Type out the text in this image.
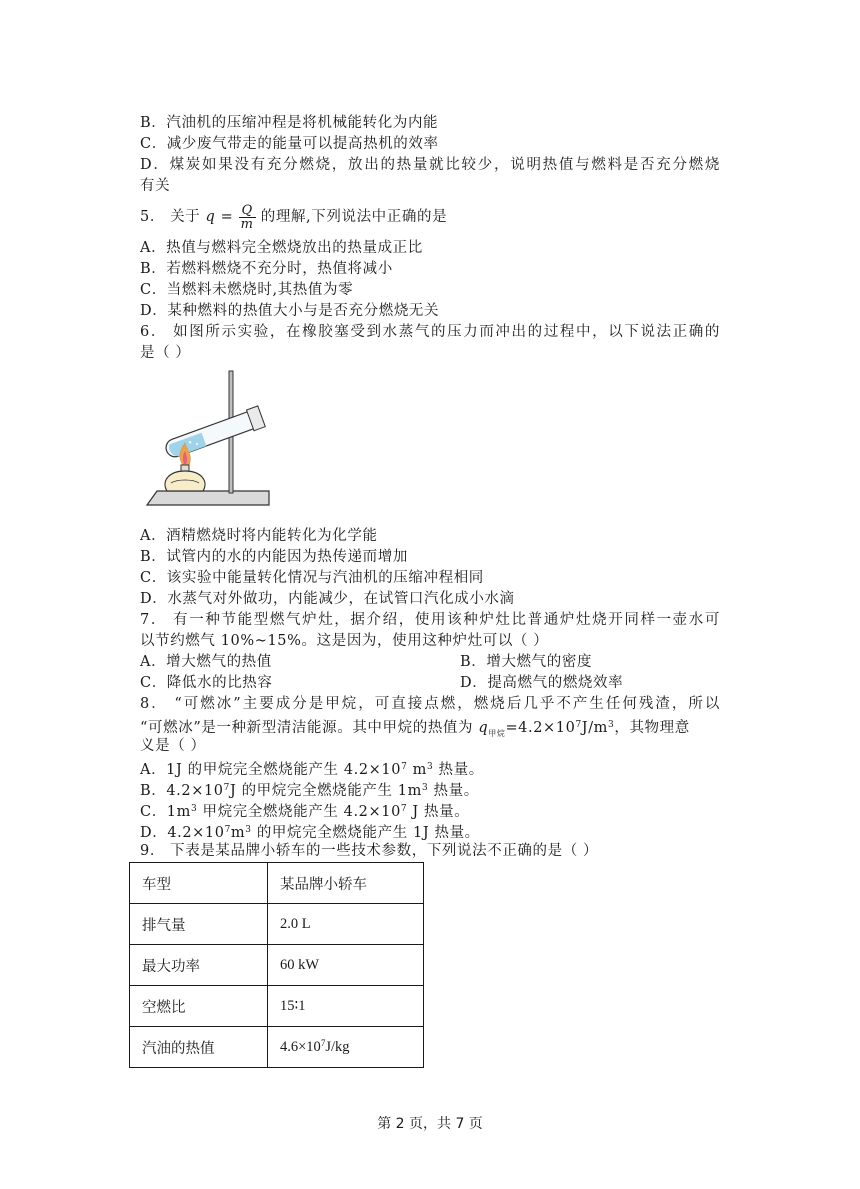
B．汽油机的压缩冲程是将机械能转化为内能
C．减少废气带走的能量可以提高热机的效率
D．煤炭如果没有充分燃烧，放出的热量就比较少，说明热值与燃料是否充分燃烧
有关
5． 关于 $q = \frac{Q}{m}$ 的理解,下列说法中正确的是
A．热值与燃料完全燃烧放出的热量成正比
B．若燃料燃烧不充分时，热值将减小
C．当燃料未燃烧时,其热值为零
D．某种燃料的热值大小与是否充分燃烧无关
6． 如图所示实验，在橡胶塞受到水蒸气的压力而冲出的过程中，以下说法正确的
是（ ）
A．酒精燃烧时将内能转化为化学能
B．试管内的水的内能因为热传递而增加
C．该实验中能量转化情况与汽油机的压缩冲程相同
D．水蒸气对外做功，内能减少，在试管口汽化成小水滴
7． 有一种节能型燃气炉灶，据介绍，使用该种炉灶比普通炉灶烧开同样一壶水可
以节约燃气 10%~15%。这是因为，使用这种炉灶可以（ ）
A．增大燃气的热值	B．增大燃气的密度
C．降低水的比热容	D．提高燃气的燃烧效率
8． “可燃冰”主要成分是甲烷，可直接点燃，燃烧后几乎不产生任何残渣，所以
“可燃冰”是一种新型清洁能源。其中甲烷的热值为 $q_{甲烷}=4.2\times 10^7J/m^3$，其物理意
义是（ ）
A．1J 的甲烷完全燃烧能产生 $4.2\times 10^7$ $m^3$ 热量。
B．$4.2\times 10^7J$ 的甲烷完全燃烧能产生 $1m^3$ 热量。
C．$1m^3$ 甲烷完全燃烧能产生 $4.2\times 10^7$ J 热量。
D．$4.2\times 10^7m^3$ 的甲烷完全燃烧能产生 1J 热量。
9． 下表是某品牌小轿车的一些技术参数，下列说法不正确的是（ ）
车型	某品牌小轿车
排气量	2.0 L
最大功率	60 kW
空燃比	15∶1
汽油的热值	$4.6\times 10^7J/kg$
第 2 页，共 7 页
